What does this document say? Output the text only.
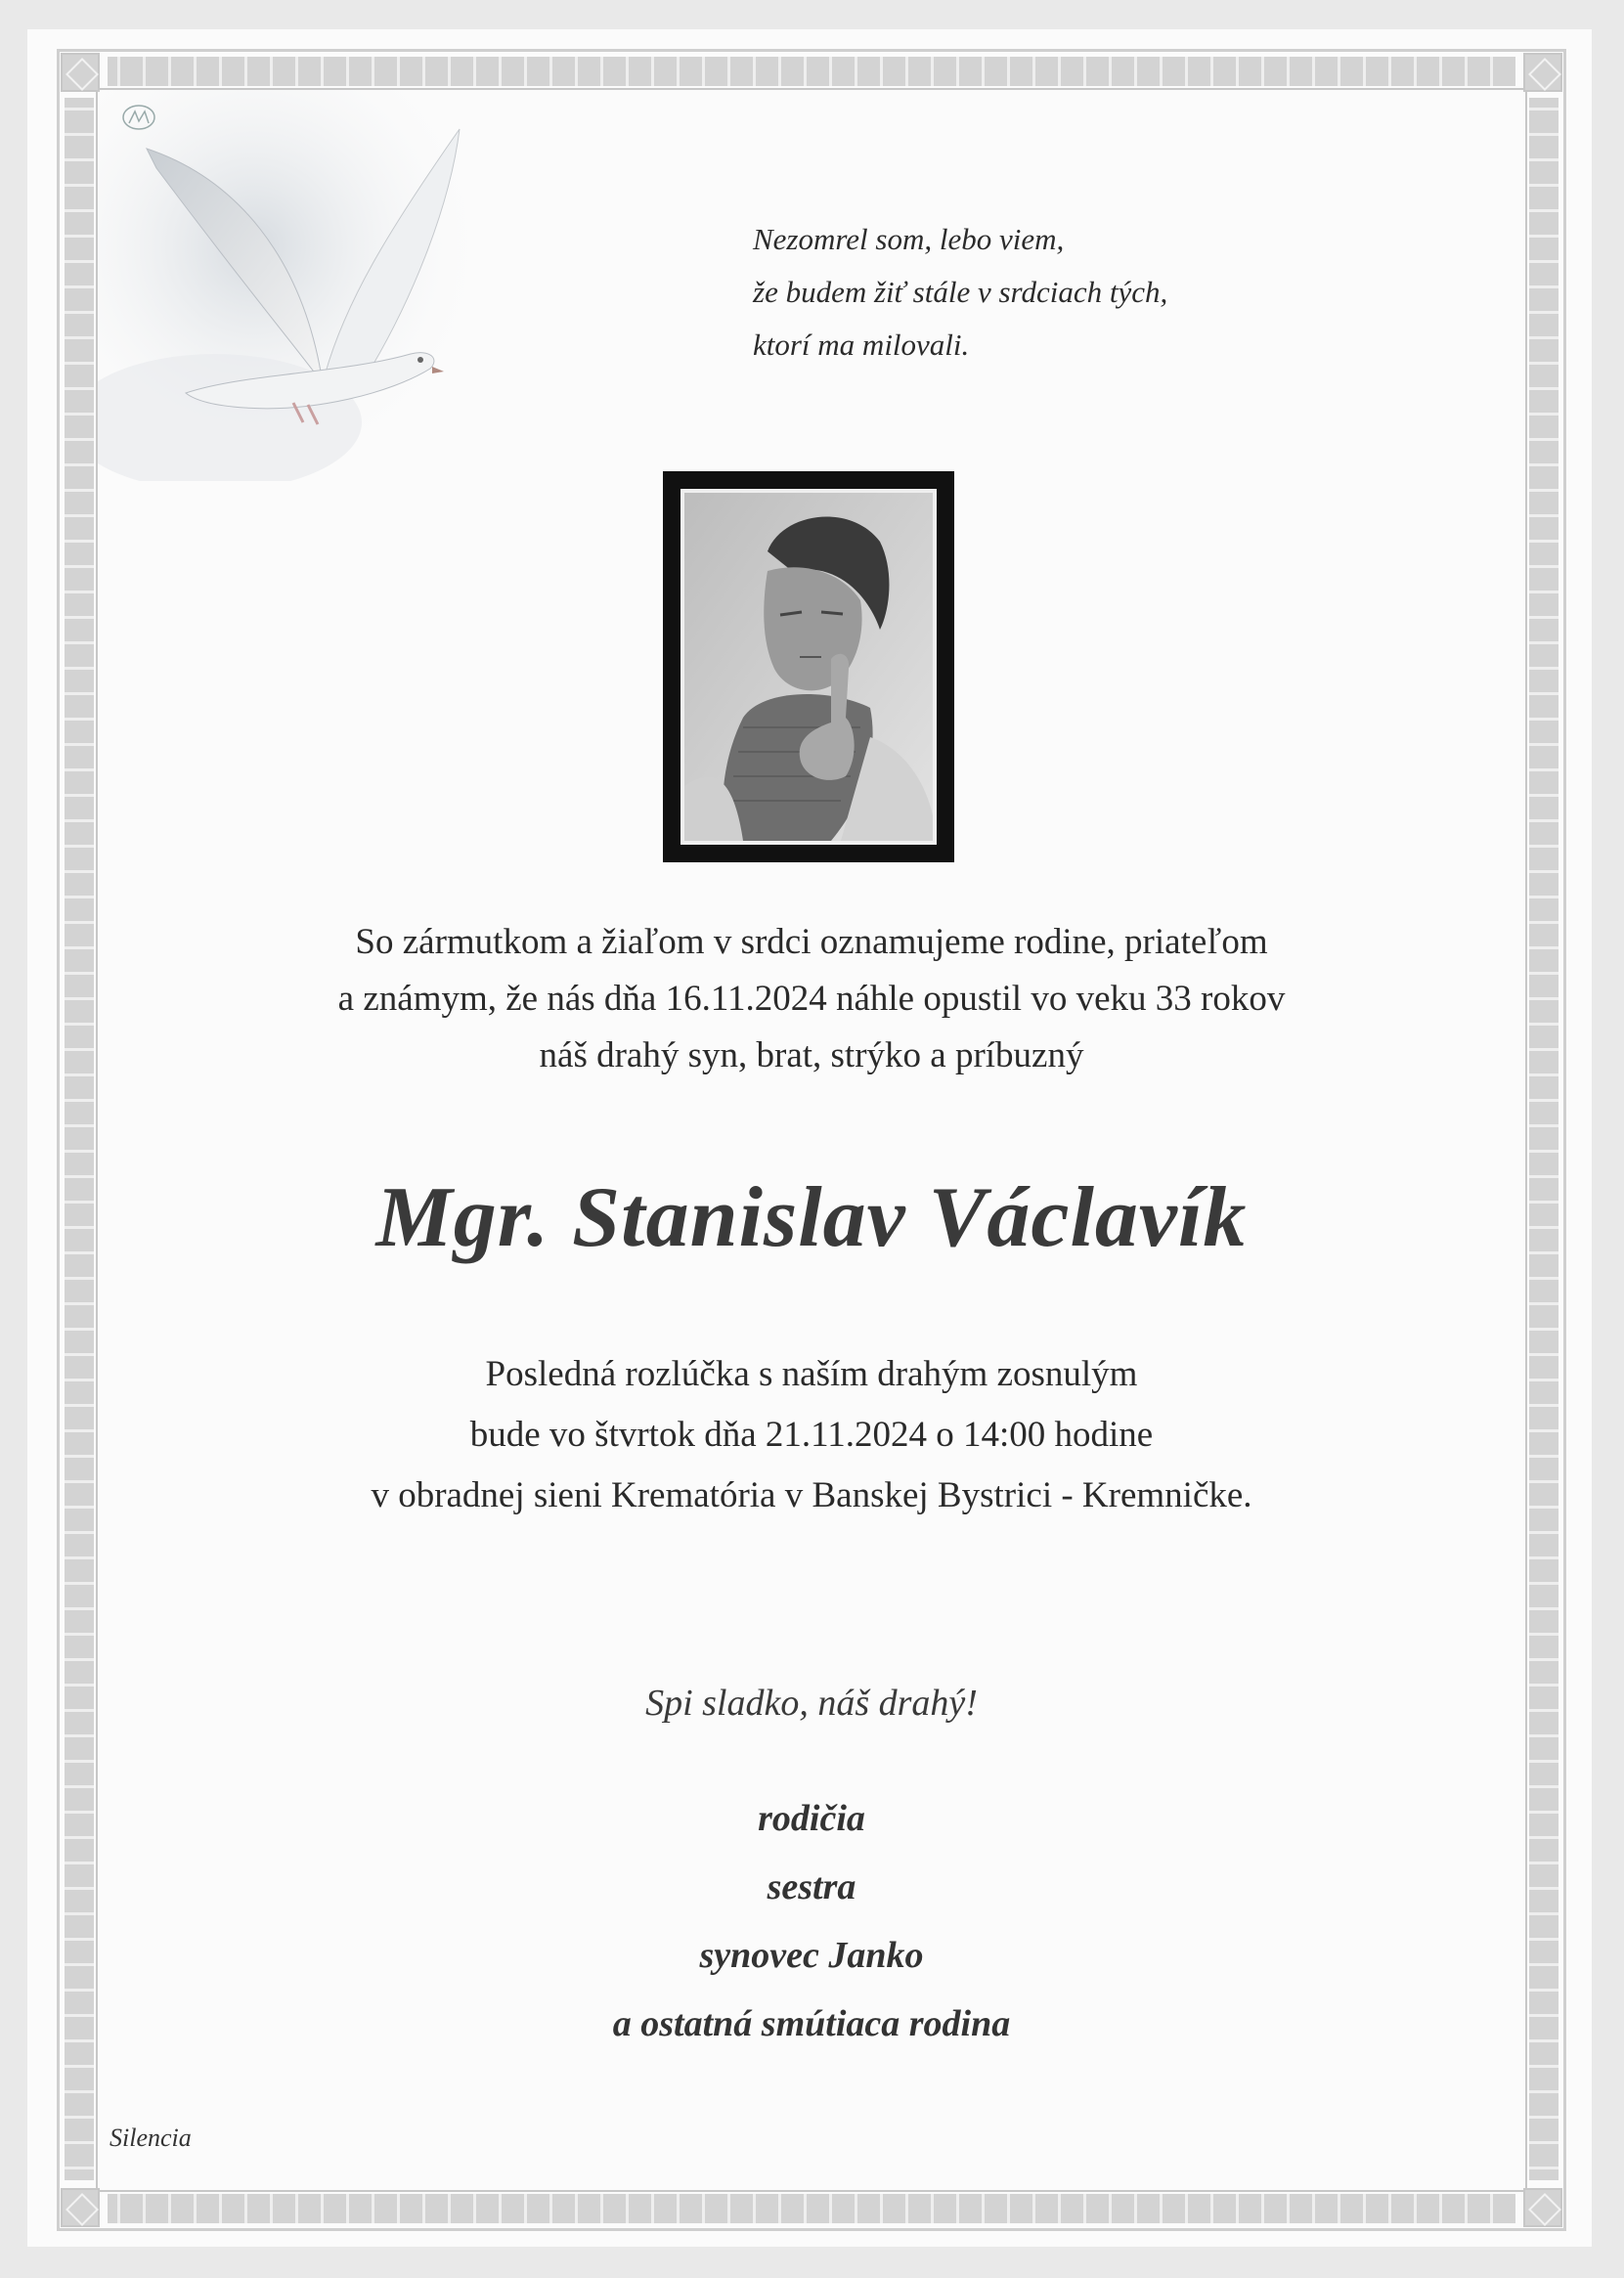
Nezomrel som, lebo viem,
že budem žiť stále v srdciach tých,
ktorí ma milovali.
So zármutkom a žiaľom v srdci oznamujeme rodine, priateľom
a známym, že nás dňa 16.11.2024 náhle opustil vo veku 33 rokov
náš drahý syn, brat, strýko a príbuzný
Mgr. Stanislav Václavík
Posledná rozlúčka s naším drahým zosnulým
bude vo štvrtok dňa 21.11.2024 o 14:00 hodine
v obradnej sieni Krematória v Banskej Bystrici - Kremničke.
Spi sladko, náš drahý!
rodičia
sestra
synovec Janko
a ostatná smútiaca rodina
Silencia
